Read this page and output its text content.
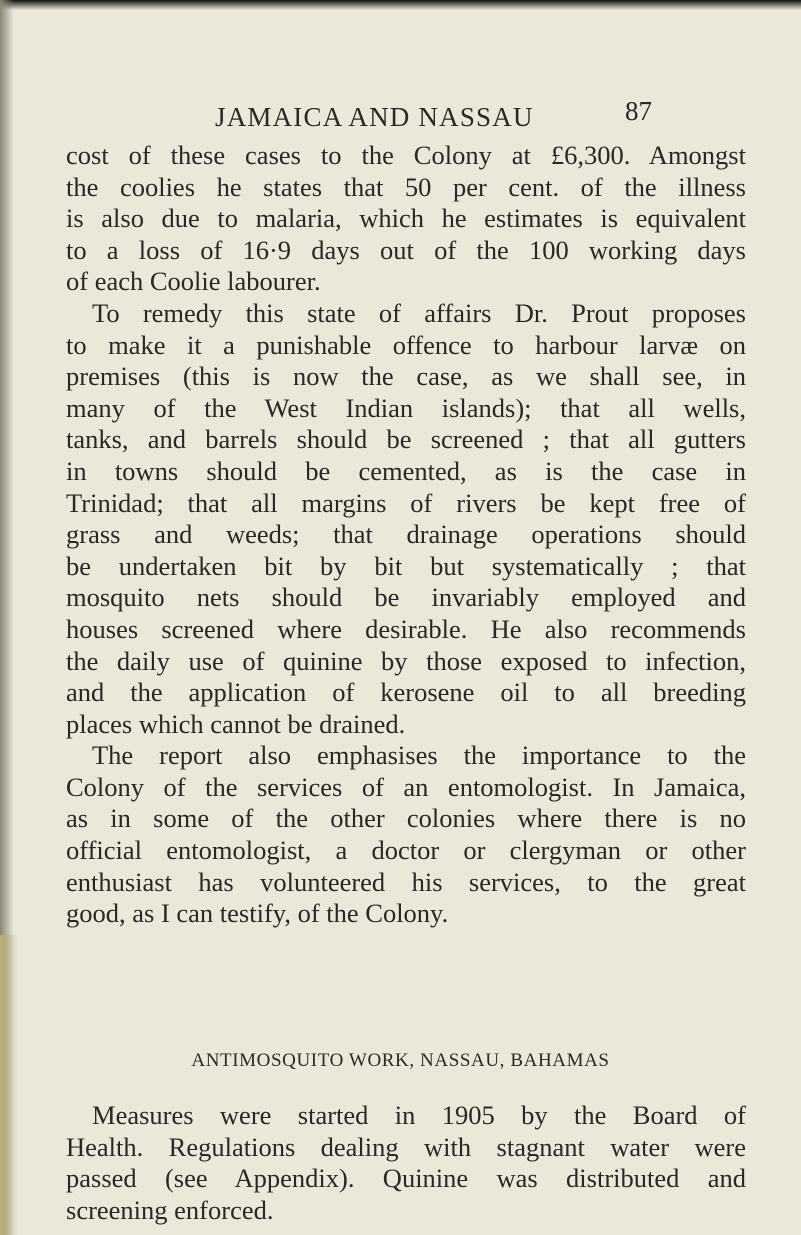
JAMAICA AND NASSAU	87
cost of these cases to the Colony at £6,300. Amongst
the coolies he states that 50 per cent. of the illness
is also due to malaria, which he estimates is equivalent
to a loss of 16·9 days out of the 100 working days
of each Coolie labourer.
To remedy this state of affairs Dr. Prout proposes
to make it a punishable offence to harbour larvæ on
premises (this is now the case, as we shall see, in
many of the West Indian islands); that all wells,
tanks, and barrels should be screened ; that all gutters
in towns should be cemented, as is the case in
Trinidad; that all margins of rivers be kept free of
grass and weeds; that drainage operations should
be undertaken bit by bit but systematically ; that
mosquito nets should be invariably employed and
houses screened where desirable. He also recommends
the daily use of quinine by those exposed to infection,
and the application of kerosene oil to all breeding
places which cannot be drained.
The report also emphasises the importance to the
Colony of the services of an entomologist. In Jamaica,
as in some of the other colonies where there is no
official entomologist, a doctor or clergyman or other
enthusiast has volunteered his services, to the great
good, as I can testify, of the Colony.
ANTIMOSQUITO WORK, NASSAU, BAHAMAS
Measures were started in 1905 by the Board of
Health. Regulations dealing with stagnant water were
passed (see Appendix). Quinine was distributed and
screening enforced.
